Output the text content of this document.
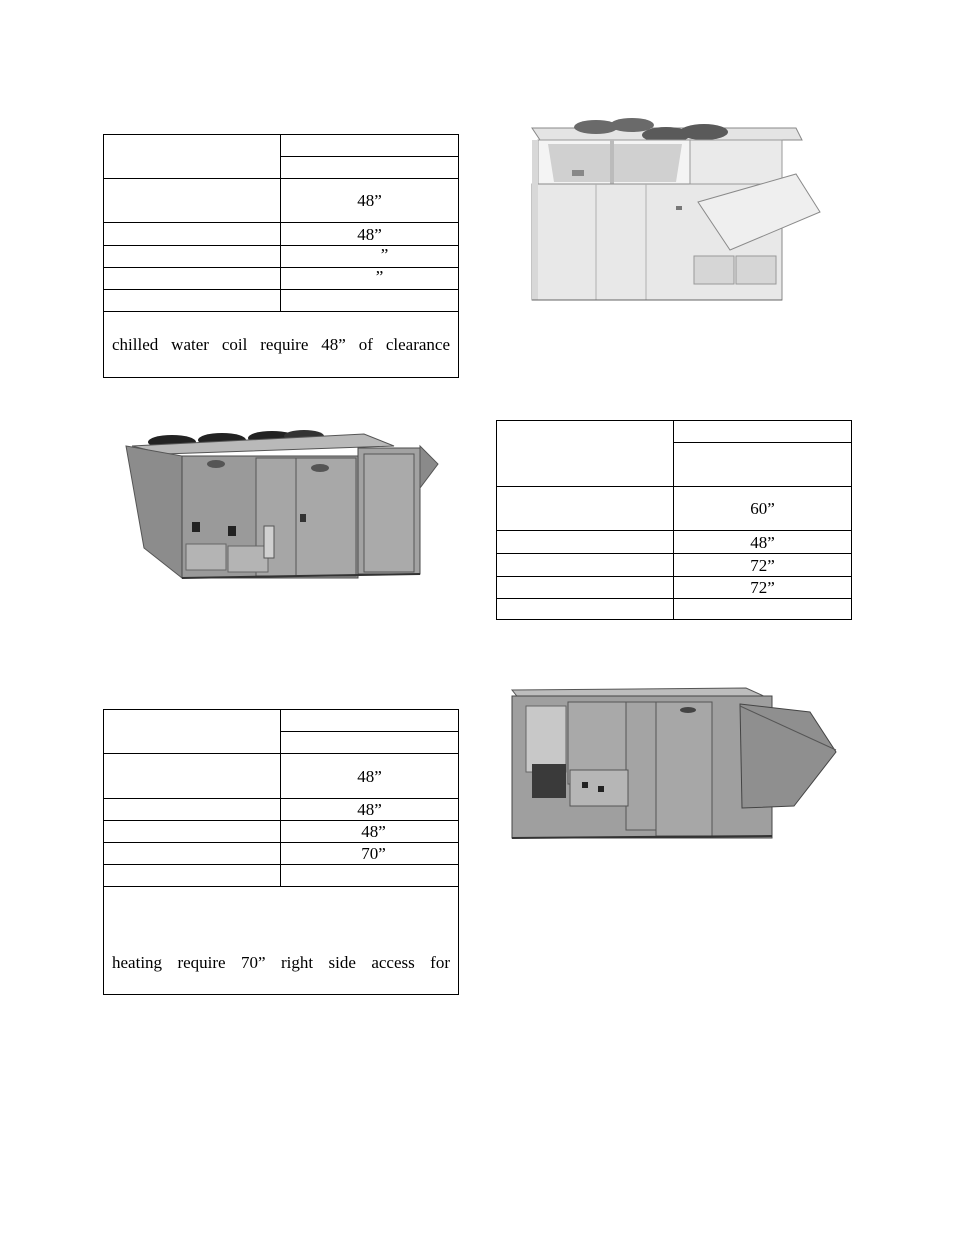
	48”
	48”
	”
	”

chilled water coil require 48” of clearance	

	60”
	48”
	72”
	72”

	48”
	48”
	48”
	70”

heating require 70” right side access for	
